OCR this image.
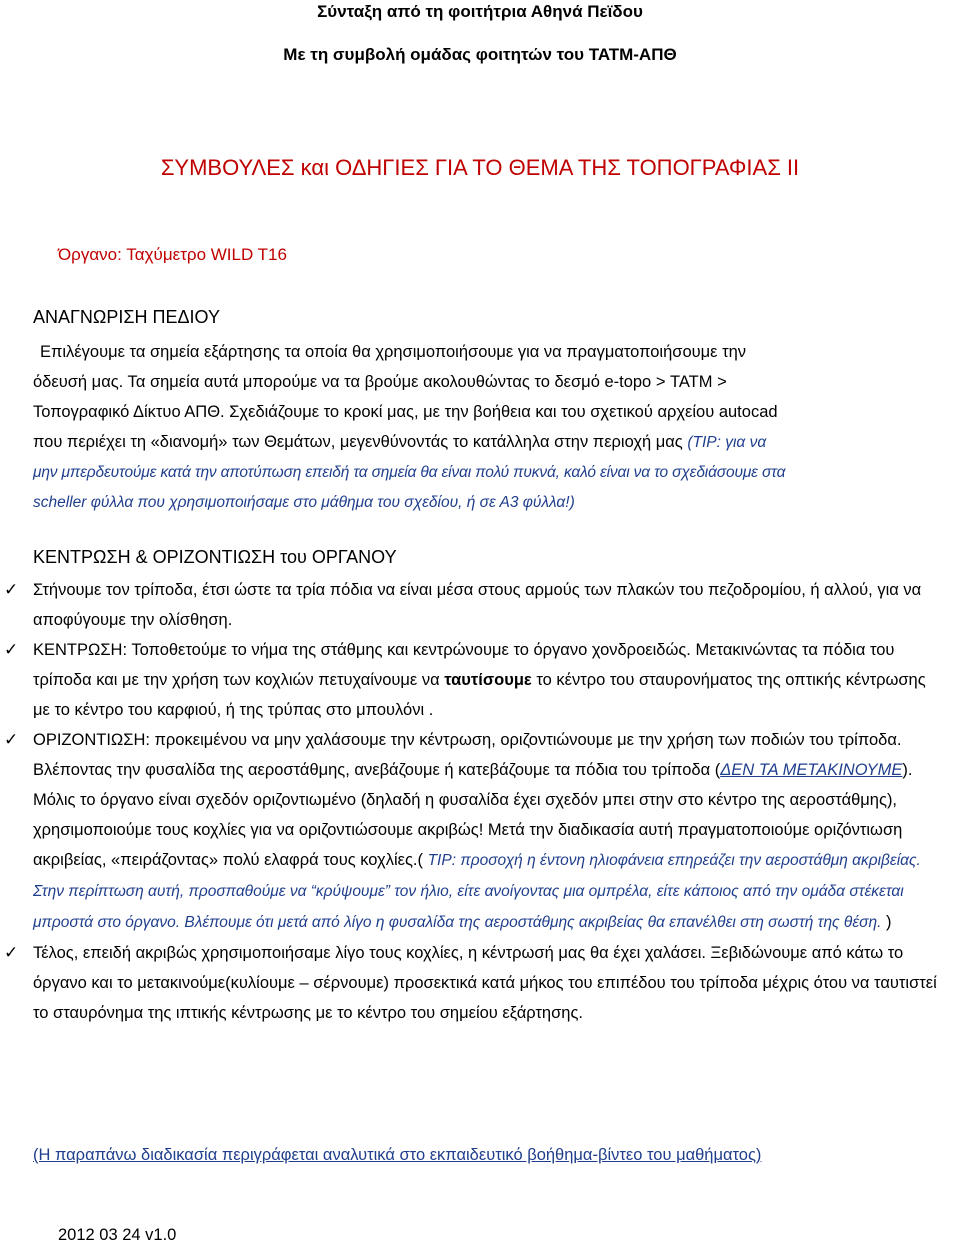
Σύνταξη από τη φοιτήτρια Αθηνά Πεϊδου
Με τη συμβολή ομάδας φοιτητών του ΤΑΤΜ-ΑΠΘ
ΣΥΜΒΟΥΛΕΣ και ΟΔΗΓΙΕΣ ΓΙΑ ΤΟ ΘΕΜΑ ΤΗΣ ΤΟΠΟΓΡΑΦΙΑΣ ΙΙ
Όργανο: Ταχύμετρο WILD T16
ΑΝΑΓΝΩΡΙΣΗ ΠΕΔΙΟΥ
Επιλέγουμε τα σημεία εξάρτησης τα οποία θα χρησιμοποιήσουμε για να πραγματοποιήσουμε την
όδευσή μας. Τα σημεία αυτά μπορούμε να τα βρούμε ακολουθώντας το δεσμό e-topo > ΤΑΤΜ >
Τοπογραφικό Δίκτυο ΑΠΘ. Σχεδιάζουμε το κροκί μας, με την βοήθεια και του σχετικού αρχείου autocad
που περιέχει τη «διανομή» των Θεμάτων, μεγενθύνοντάς το κατάλληλα στην περιοχή μας (TIP: για να
μην μπερδευτούμε κατά την αποτύπωση επειδή τα σημεία θα είναι πολύ πυκνά, καλό είναι να το σχεδιάσουμε στα
scheller φύλλα που χρησιμοποιήσαμε στο μάθημα του σχεδίου, ή σε Α3 φύλλα!)
ΚΕΝΤΡΩΣΗ & ΟΡΙΖΟΝΤΙΩΣΗ του ΟΡΓΑΝΟΥ
✓ Στήνουμε τον τρίποδα, έτσι ώστε τα τρία πόδια να είναι μέσα στους αρμούς των πλακών του πεζοδρομίου, ή αλλού, για να αποφύγουμε την ολίσθηση.
✓ ΚΕΝΤΡΩΣΗ: Τοποθετούμε το νήμα της στάθμης και κεντρώνουμε το όργανο χονδροειδώς. Μετακινώντας τα πόδια του τρίποδα και με την χρήση των κοχλιών πετυχαίνουμε να ταυτίσουμε το κέντρο του σταυρονήματος της οπτικής κέντρωσης με το κέντρο του καρφιού, ή της τρύπας στο μπουλόνι .
✓ ΟΡΙΖΟΝΤΙΩΣΗ: προκειμένου να μην χαλάσουμε την κέντρωση, οριζοντιώνουμε με την χρήση των ποδιών του τρίποδα. Βλέποντας την φυσαλίδα της αεροστάθμης, ανεβάζουμε ή κατεβάζουμε τα πόδια του τρίποδα (ΔΕΝ ΤΑ ΜΕΤΑΚΙΝΟΥΜΕ). Μόλις το όργανο είναι σχεδόν οριζοντιωμένο (δηλαδή η φυσαλίδα έχει σχεδόν μπει στην στο κέντρο της αεροστάθμης), χρησιμοποιούμε τους κοχλίες για να οριζοντιώσουμε ακριβώς! Μετά την διαδικασία αυτή πραγματοποιούμε οριζόντιωση ακριβείας, «πειράζοντας» πολύ ελαφρά τους κοχλίες.( TIP: προσοχή η έντονη ηλιοφάνεια επηρεάζει την αεροστάθμη ακριβείας. Στην περίπτωση αυτή, προσπαθούμε να “κρύψουμε” τον ήλιο, είτε ανοίγοντας μια ομπρέλα, είτε κάποιος από την ομάδα στέκεται μπροστά στο όργανο. Βλέπουμε ότι μετά από λίγο η φυσαλίδα της αεροστάθμης ακριβείας θα επανέλθει στη σωστή της θέση. )
✓ Τέλος, επειδή ακριβώς χρησιμοποιήσαμε λίγο τους κοχλίες, η κέντρωσή μας θα έχει χαλάσει. Ξεβιδώνουμε από κάτω το όργανο και το μετακινούμε(κυλίουμε – σέρνουμε) προσεκτικά κατά μήκος του επιπέδου του τρίποδα μέχρις ότου να ταυτιστεί το σταυρόνημα της ιπτικής κέντρωσης με το κέντρο του σημείου εξάρτησης.
(Η παραπάνω διαδικασία περιγράφεται αναλυτικά στο εκπαιδευτικό βοήθημα-βίντεο του μαθήματος)
2012 03 24 v1.0
